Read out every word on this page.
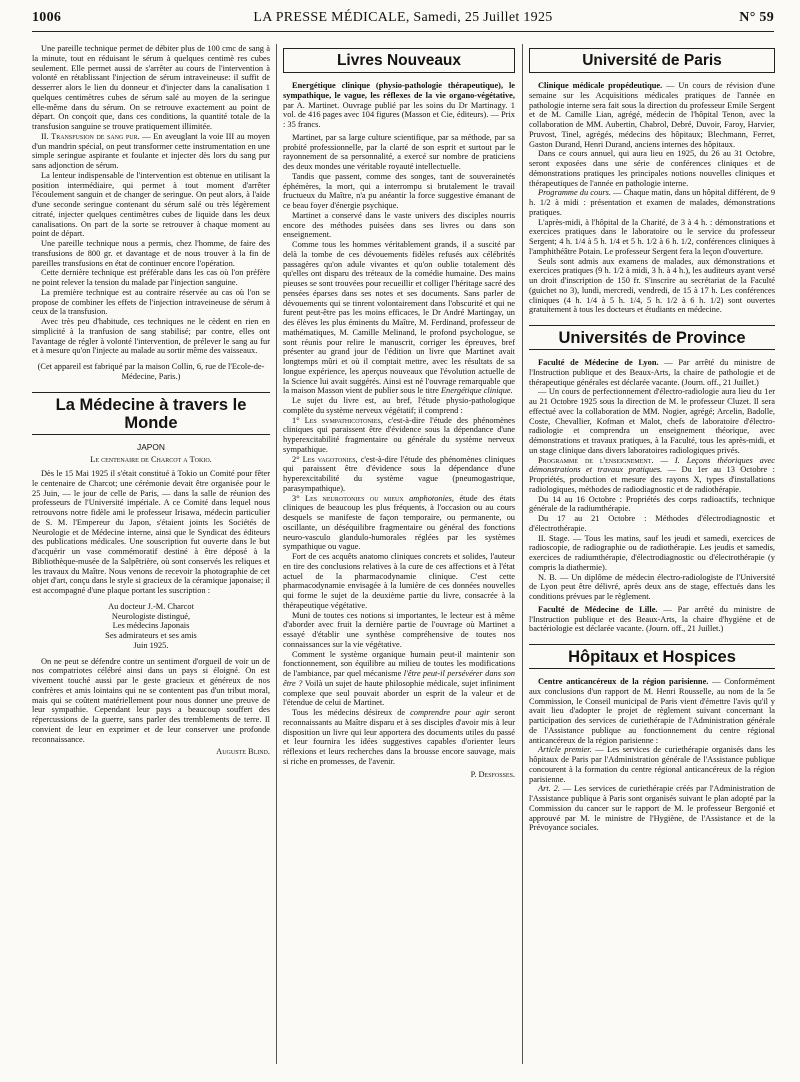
1006	LA PRESSE MÉDICALE, Samedi, 25 Juillet 1925	N° 59

Une pareille technique permet de débiter plus de 100 cmc de sang à la minute, tout en réduisant le sérum à quelques centimè res cubes seulement. Elle permet aussi de s'arrêter au cours de l'intervention à volonté en rétablissant l'injection de sérum intraveineuse: il suffit de desserrer alors le lien du donneur et d'injecter dans la canalisation 1 quelques centimètres cubes de sérum salé au moyen de la seringue elle-même dans du sérum. On se retrouve exactement au point de départ. On conçoit que, dans ces conditions, la quantité totale de la transfusion sanguine se trouve pratiquement illimitée.

II. Transfusion de sang pur. — En aveuglant la voie III au moyen d'un mandrin spécial, on peut transformer cette instrumentation en une simple seringue aspirante et foulante et injecter dès lors du sang pur sans adjonction de sérum.

La lenteur indispensable de l'intervention est obtenue en utilisant la position intermédiaire, qui permet à tout moment d'arrêter l'écoulement sanguin et de changer de seringue. On peut alors, à l'aide d'une seconde seringue contenant du sérum salé ou très légèrement citraté, injecter quelques centimètres cubes de liquide dans les deux canalisations. On part de la sorte se retrouver à chaque moment au point de départ.

Une pareille technique nous a permis, chez l'homme, de faire des transfusions de 800 gr. et davantage et de nous trouver à la fin de pareilles transfusions en état de continuer encore l'opération.

Cette dernière technique est préférable dans les cas où l'on préfère ne point relever la tension du malade par l'injection sanguine.

La première technique est au contraire réservée au cas où l'on se propose de combiner les effets de l'injection intraveineuse de sérum à ceux de la transfusion.

Avec très peu d'habitude, ces techniques ne le cèdent en rien en simplicité à la tranfusion de sang stabilisé; par contre, elles ont l'avantage de régler à volonté l'intervention, de prélever le sang au fur et à mesure qu'on l'injecte au malade au sortir même des vaisseaux.

(Cet appareil est fabriqué par la maison Collin, 6, rue de l'Ecole-de-Médecine, Paris.)

La Médecine à travers le Monde
JAPON
Le centenaire de Charcot a Tokio.

Dès le 15 Mai 1925 il s'était constitué à Tokio un Comité pour fêter le centenaire de Charcot; une cérémonie devait être organisée pour le 25 Juin, — le jour de celle de Paris, — dans la salle de réunion des professeurs de l'Université impériale. A ce Comité dans lequel nous retrouvons notre fidèle ami le professeur Irisawa, médecin particulier de S. M. l'Empereur du Japon, s'étaient joints les Sociétés de Neurologie et de Médecine interne, ainsi que le Syndicat des éditeurs des publications médicales. Une souscription fut ouverte dans le but d'acquérir un vase commémoratif destiné à être déposé à la Bibliothèque-musée de la Salpêtrière, où sont conservés les reliques et les travaux du Maître. Nous venons de recevoir la photographie de cet objet d'art, conçu dans le style si gracieux de la céramique japonaise; il est accompagné d'une plaque portant les suscription :

Au docteur J.-M. Charcot
Neurologiste distingué,
Les médecins Japonais
Ses admirateurs et ses amis
Juin 1925.

On ne peut se défendre contre un sentiment d'orgueil de voir un de nos compatriotes célébré ainsi dans un pays si éloigné. On est vivement touché aussi par le geste gracieux et généreux de nos confrères et amis lointains qui ne se contentent pas d'un tribut moral, mais qui se coûtent matériellement pour nous donner une preuve de leur sympathie. Cependant leur pays a beaucoup souffert des répercussions de la guerre, sans parler des tremblements de terre. Il convient de leur en exprimer et de leur conserver une profonde reconnaissance.

Auguste Blind.
Livres Nouveaux

Energétique clinique (physio-pathologie thérapeutique), le sympathique, le vague, les réflexes de la vie organo-végétative, par A. Martinet. Ouvrage publié par les soins du Dr Martinagy. 1 vol. de 416 pages avec 104 figures (Masson et Cie, éditeurs). — Prix : 35 francs.

Martinet, par sa large culture scientifique, par sa méthode, par sa probité professionnelle, par la clarté de son esprit et surtout par le rayonnement de sa personnalité, a exercé sur nombre de praticiens des deux mondes une véritable royauté intellectuelle.

Tandis que passent, comme des songes, tant de souverainetés éphémères, la mort, qui a interrompu si brutalement le travail fructueux du Maître, n'a pu anéantir la force suggestive émanant de ce beau foyer d'énergie psychique.

Martinet a conservé dans le vaste univers des disciples nourris encore des méthodes puisées dans ses livres ou dans son enseignement.

Comme tous les hommes véritablement grands, il a suscité par delà la tombe de ces dévouements fidèles refusés aux célébrités passagères qu'on adule vivantes et qu'on oublie totalement dès qu'elles ont disparu des tréteaux de la comédie humaine. Des mains pieuses se sont trouvées pour recueillir et colliger l'héritage sacré des pensées éparses dans ses notes et ses documents. Sans parler de dévouements qui se tinrent volontairement dans l'obscurité et qui ne furent peut-être pas les moins efficaces, le Dr André Martingay, un des élèves les plus éminents du Maître, M. Ferdinand, professeur de mathématiques, M. Camille Melinand, le profond psychologue, se sont réunis pour relire le manuscrit, corriger les épreuves, bref présenter au grand jour de l'édition un livre que Martinet avait longtemps mûri et où il comptait mettre, avec les résultats de sa longue expérience, les aperçus nouveaux que l'évolution actuelle de la Science lui avait suggérés. Ainsi est né l'ouvrage remarquable que la maison Masson vient de publier sous le titre Energétique clinique.

Le sujet du livre est, au bref, l'étude physio-pathologique complète du système nerveux végétatif; il comprend :

1° Les sympathicotonies, c'est-à-dire l'étude des phénomènes cliniques qui paraissent être d'évidence sous la dépendance d'une hyperexcitabilité fragmentaire ou générale du système nerveux sympathique.

2° Les vagotonies, c'est-à-dire l'étude des phénomènes cliniques qui paraissent être d'évidence sous la dépendance d'une hyperexcitabilité du système vague (pneumogastrique, parasympathique).

3° Les neurotonies ou mieux amphotonies, étude des états cliniques de beaucoup les plus fréquents, à l'occasion ou au cours desquels se manifeste de façon temporaire, ou permanente, ou oscillante, un déséquilibre fragmentaire ou général des fonctions neuro-vasculo glandulo-humorales réglées par les systèmes sympathique ou vague.

Fort de ces acquêts anatomo cliniques concrets et solides, l'auteur en tire des conclusions relatives à la cure de ces affections et à l'état actuel de la pharmacodynamie clinique. C'est cette pharmacodynamie envisagée à la lumière de ces données nouvelles qui forme le sujet de la deuxième partie du livre, consacrée à la thérapeutique végétative.

Muni de toutes ces notions si importantes, le lecteur est à même d'aborder avec fruit la dernière partie de l'ouvrage où Martinet a essayé d'établir une synthèse compréhensive de toutes nos connaissances sur la vie végétative.

Comment le système organique humain peut-il maintenir son fonctionnement, son équilibre au milieu de toutes les modifications de l'ambiance, par quel mécanisme l'être peut-il persévérer dans son être ? Voilà un sujet de haute philosophie médicale, sujet infiniment complexe que seul pouvait aborder un esprit de la valeur et de l'étendue de celui de Martinet.

Tous les médecins désireux de comprendre pour agir seront reconnaissants au Maître disparu et à ses disciples d'avoir mis à leur disposition un livre qui leur apportera des documents utiles du passé et leur fournira les idées suggestives capables d'orienter leurs réflexions et leurs recherches dans la brousse encore sauvage, mais si riche en promesses, de l'avenir.

P. Desfosses.
Université de Paris

Clinique médicale propédeutique. — Un cours de révision d'une semaine sur les Acquisitions médicales pratiques de l'année en pathologie interne sera fait sous la direction du professeur Emile Sergent et de M. Camille Lian, agrégé, médecin de l'hôpital Tenon, avec la collaboration de MM. Aubertin, Chabrol, Debré, Duvoir, Faroy, Harvier, Pruvost, Tinel, agrégés, médecins des hôpitaux; Blechmann, Ferret, Gaston Durand, Henri Durand, anciens internes des hôpitaux.

Dans ce cours annuel, qui aura lieu en 1925, du 26 au 31 Octobre, seront exposées dans une série de conférences cliniques et de démonstrations pratiques les principales notions nouvelles cliniques et thérapeutiques de l'année en pathologie interne.

Programme du cours. — Chaque matin, dans un hôpital différent, de 9 h. 1/2 à midi : présentation et examen de malades, démonstrations pratiques.

L'après-midi, à l'hôpital de la Charité, de 3 à 4 h. : démonstrations et exercices pratiques dans le laboratoire ou le service du professeur Sergent; 4 h. 1/4 à 5 h. 1/4 et 5 h. 1/2 à 6 h. 1/2, conférences cliniques à l'amphithéâtre Potain. Le professeur Sergent fera la leçon d'ouverture.

Seuls sont admis aux examens de malades, aux démonstrations et exercices pratiques (9 h. 1/2 à midi, 3 h. à 4 h.), les auditeurs ayant versé un droit d'inscription de 150 fr. S'inscrire au secrétariat de la Faculté (guichet no 3), lundi, mercredi, vendredi, de 15 à 17 h. Les conférences cliniques (4 h. 1/4 à 5 h. 1/4, 5 h. 1/2 à 6 h. 1/2) sont ouvertes gratuitement à tous les docteurs et étudiants en médecine.

Universités de Province

Faculté de Médecine de Lyon. — Par arrêté du ministre de l'Instruction publique et des Beaux-Arts, la chaire de pathologie et de thérapeutique générales est déclarée vacante. (Journ. off., 21 Juillet.)

— Un cours de perfectionnement d'électro-radiologie aura lieu du 1er au 21 Octobre 1925 sous la direction de M. le professeur Cluzet. Il sera effectué avec la collaboration de MM. Nogier, agrégé; Arcelin, Badolle, Coste, Chevallier, Kofman et Malot, chefs de laboratoire d'électro-radiologie et comprendra un enseignement théorique, avec démonstrations et travaux pratiques, à la Faculté, tous les après-midi, et un stage clinique dans divers laboratoires radiologiques privés.

Programme de l'enseignement. — I. Leçons théoriques avec démonstrations et travaux pratiques. — Du 1er au 13 Octobre : Propriétés, production et mesure des rayons X, types d'installations radiologiques, méthodes de radiodiagnostic et de radiothérapie.

Du 14 au 16 Octobre : Propriétés des corps radioactifs, technique générale de la radiumthérapie.

Du 17 au 21 Octobre : Méthodes d'électrodiagnostic et d'électrothérapie.

II. Stage. — Tous les matins, sauf les jeudi et samedi, exercices de radioscopie, de radiographie ou de radiothérapie. Les jeudis et samedis, exercices de radiumthérapie, d'électrodiagnostic ou d'électrothérapie (y compris la diathermie).

N. B. — Un diplôme de médecin électro-radiologiste de l'Université de Lyon peut être délivré, après deux ans de stage, effectués dans les conditions prévues par le règlement.

Faculté de Médecine de Lille. — Par arrêté du ministre de l'Instruction publique et des Beaux-Arts, la chaire d'hygiène et de bactériologie est déclarée vacante. (Journ. off., 21 Juillet.)

Hôpitaux et Hospices

Centre anticancéreux de la région parisienne. — Conformément aux conclusions d'un rapport de M. Henri Rousselle, au nom de la 5e Commission, le Conseil municipal de Paris vient d'émettre l'avis qu'il y avait lieu d'adopter le projet de règlement suivant concernant la participation des services de curiethérapie de l'Administration générale de l'Assistance publique au fonctionnement du centre régional anticancéreux de la région parisienne :

Article premier. — Les services de curiethérapie organisés dans les hôpitaux de Paris par l'Administration générale de l'Assistance publique concourent à la formation du centre régional anticancéreux de la région parisienne.

Art. 2. — Les services de curiethérapie créés par l'Administration de l'Assistance publique à Paris sont organisés suivant le plan adopté par la Commission du cancer sur le rapport de M. le professeur Bergonié et approuvé par M. le ministre de l'Hygiène, de l'Assistance et de la Prévoyance sociales.
